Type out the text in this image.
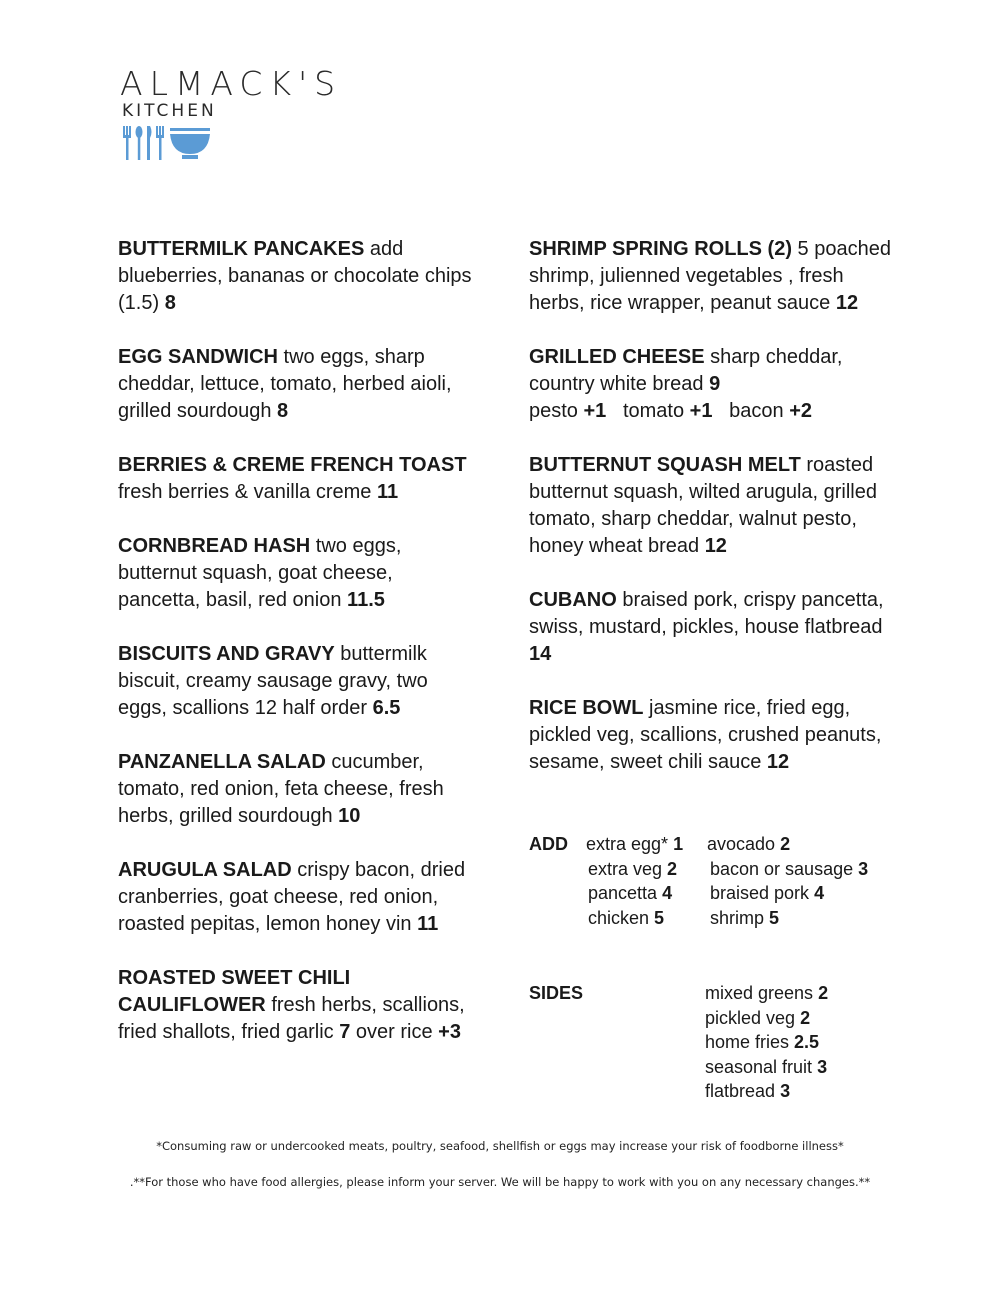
ALMACK'S
KITCHEN
BUTTERMILK PANCAKES add blueberries, bananas or chocolate chips (1.5) 8
EGG SANDWICH two eggs, sharp cheddar, lettuce, tomato, herbed aioli, grilled sourdough 8
BERRIES & CREME FRENCH TOAST fresh berries & vanilla creme 11
CORNBREAD HASH two eggs, butternut squash, goat cheese, pancetta, basil, red onion 11.5
BISCUITS AND GRAVY buttermilk biscuit, creamy sausage gravy, two eggs, scallions 12 half order 6.5
PANZANELLA SALAD cucumber, tomato, red onion, feta cheese, fresh herbs, grilled sourdough 10
ARUGULA SALAD crispy bacon, dried cranberries, goat cheese, red onion, roasted pepitas, lemon honey vin 11
ROASTED SWEET CHILI CAULIFLOWER fresh herbs, scallions, fried shallots, fried garlic 7 over rice +3
SHRIMP SPRING ROLLS (2) 5 poached shrimp, julienned vegetables , fresh herbs, rice wrapper, peanut sauce 12
GRILLED CHEESE sharp cheddar, country white bread 9
pesto +1 tomato +1 bacon +2
BUTTERNUT SQUASH MELT roasted butternut squash, wilted arugula, grilled tomato, sharp cheddar, walnut pesto, honey wheat bread 12
CUBANO braised pork, crispy pancetta, swiss, mustard, pickles, house flatbread 14
RICE BOWL jasmine rice, fried egg, pickled veg, scallions, crushed peanuts, sesame, sweet chili sauce 12
ADD extra egg* 1
extra veg 2
pancetta 4
chicken 5
avocado 2
bacon or sausage 3
braised pork 4
shrimp 5
SIDES	mixed greens 2
pickled veg 2
home fries 2.5
seasonal fruit 3
flatbread 3
*Consuming raw or undercooked meats, poultry, seafood, shellfish or eggs may increase your risk of foodborne illness*
.**For those who have food allergies, please inform your server. We will be happy to work with you on any necessary changes.**
